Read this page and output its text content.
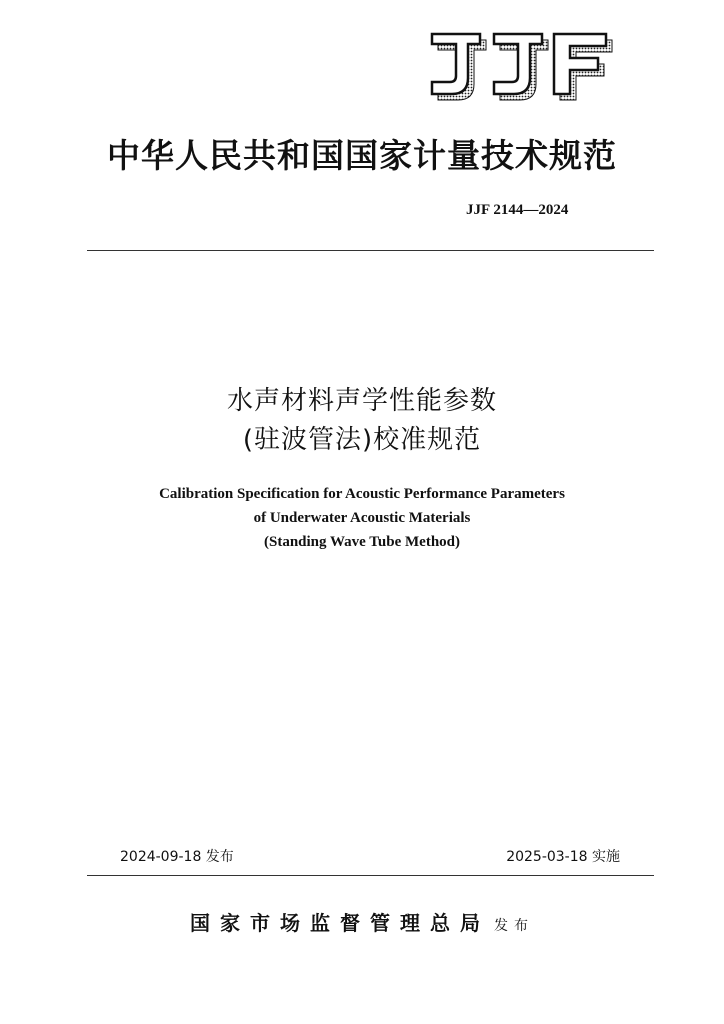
中华人民共和国国家计量技术规范
JJF 2144—2024
水声材料声学性能参数
(驻波管法)校准规范
Calibration Specification for Acoustic Performance Parameters
of Underwater Acoustic Materials
(Standing Wave Tube Method)
2024-09-18 发布	2025-03-18 实施
国家市场监督管理总局 发布
